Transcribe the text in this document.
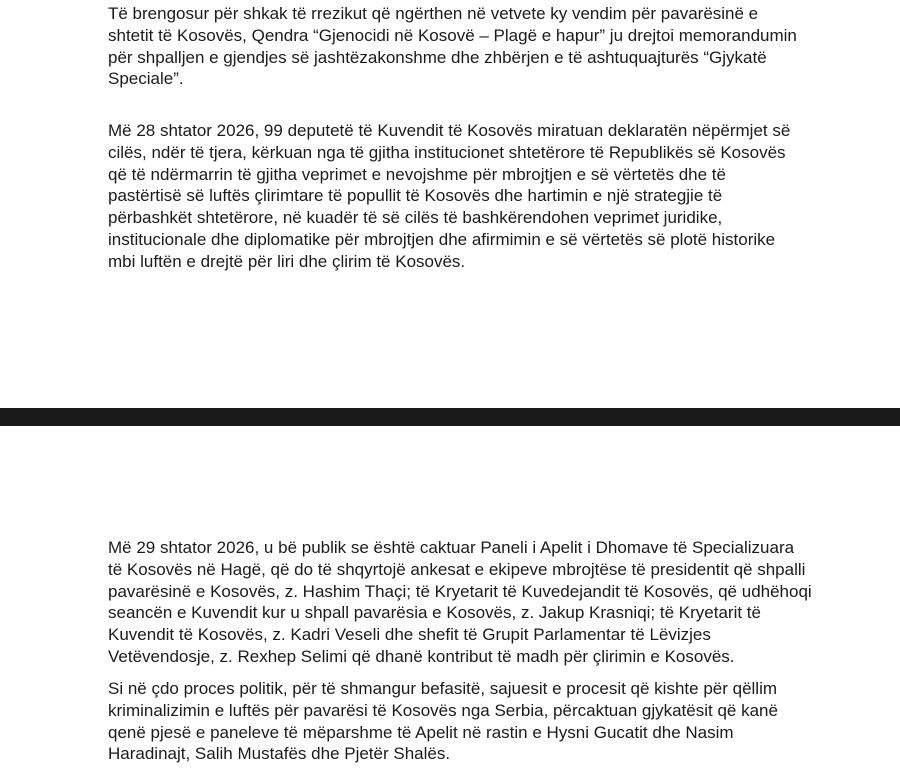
Të brengosur për shkak të rrezikut që ngërthen në vetvete ky vendim për pavarësinë e
shtetit të Kosovës, Qendra “Gjenocidi në Kosovë – Plagë e hapur” ju drejtoi memorandumin
për shpalljen e gjendjes së jashtëzakonshme dhe zhbërjen e të ashtuquajturës “Gjykatë
Speciale”.

Më 28 shtator 2026, 99 deputetë të Kuvendit të Kosovës miratuan deklaratën nëpërmjet së
cilës, ndër të tjera, kërkuan nga të gjitha institucionet shtetërore të Republikës së Kosovës
që të ndërmarrin të gjitha veprimet e nevojshme për mbrojtjen e së vërtetës dhe të
pastërtisë së luftës çlirimtare të popullit të Kosovës dhe hartimin e një strategjie të
përbashkët shtetërore, në kuadër të së cilës të bashkërendohen veprimet juridike,
institucionale dhe diplomatike për mbrojtjen dhe afirmimin e së vërtetës së plotë historike
mbi luftën e drejtë për liri dhe çlirim të Kosovës.

Më 29 shtator 2026, u bë publik se është caktuar Paneli i Apelit i Dhomave të Specializuara
të Kosovës në Hagë, që do të shqyrtojë ankesat e ekipeve mbrojtëse të presidentit që shpalli
pavarësinë e Kosovës, z. Hashim Thaçi; të Kryetarit të Kuvedejandit të Kosovës, që udhëhoqi
seancën e Kuvendit kur u shpall pavarësia e Kosovës, z. Jakup Krasniqi; të Kryetarit të
Kuvendit të Kosovës, z. Kadri Veseli dhe shefit të Grupit Parlamentar të Lëvizjes
Vetëvendosje, z. Rexhep Selimi që dhanë kontribut të madh për çlirimin e Kosovës.

Si në çdo proces politik, për të shmangur befasitë, sajuesit e procesit që kishte për qëllim
kriminalizimin e luftës për pavarësi të Kosovës nga Serbia, përcaktuan gjykatësit që kanë
qenë pjesë e paneleve të mëparshme të Apelit në rastin e Hysni Gucatit dhe Nasim
Haradinajt, Salih Mustafës dhe Pjetër Shalës.
